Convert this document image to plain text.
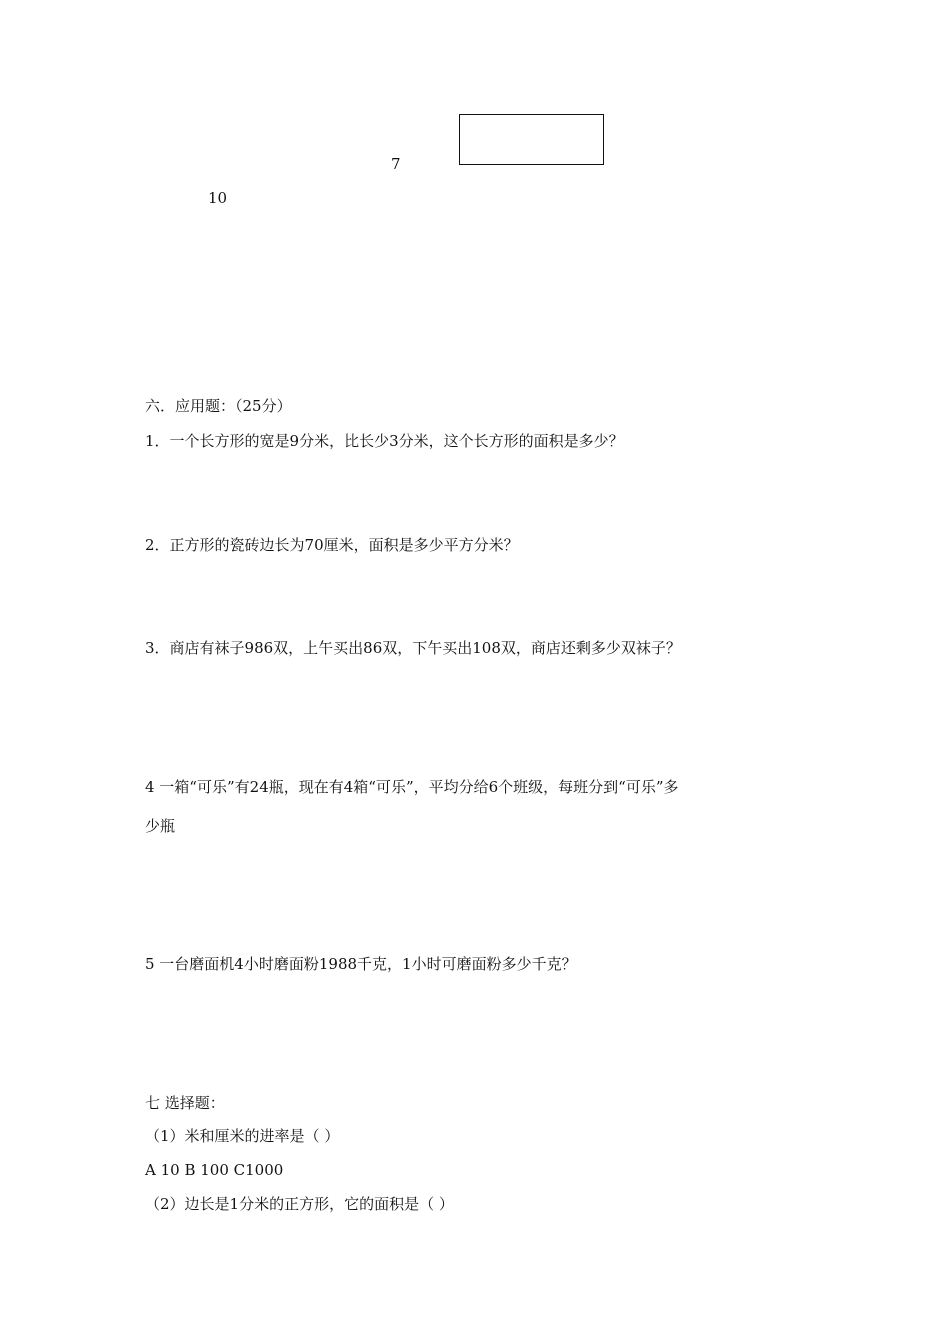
7
10
六．应用题：（25分）
1．一个长方形的宽是9分米，比长少3分米，这个长方形的面积是多少？
2．正方形的瓷砖边长为70厘米，面积是多少平方分米？
3．商店有袜子986双，上午买出86双，下午买出108双，商店还剩多少双袜子？
4 一箱“可乐”有24瓶，现在有4箱“可乐”，平均分给6个班级，每班分到“可乐”多
少瓶
5 一台磨面机4小时磨面粉1988千克，1小时可磨面粉多少千克？
七 选择题：
（1）米和厘米的进率是（ ）
A 10 B 100 C1000
（2）边长是1分米的正方形，它的面积是（ ）
